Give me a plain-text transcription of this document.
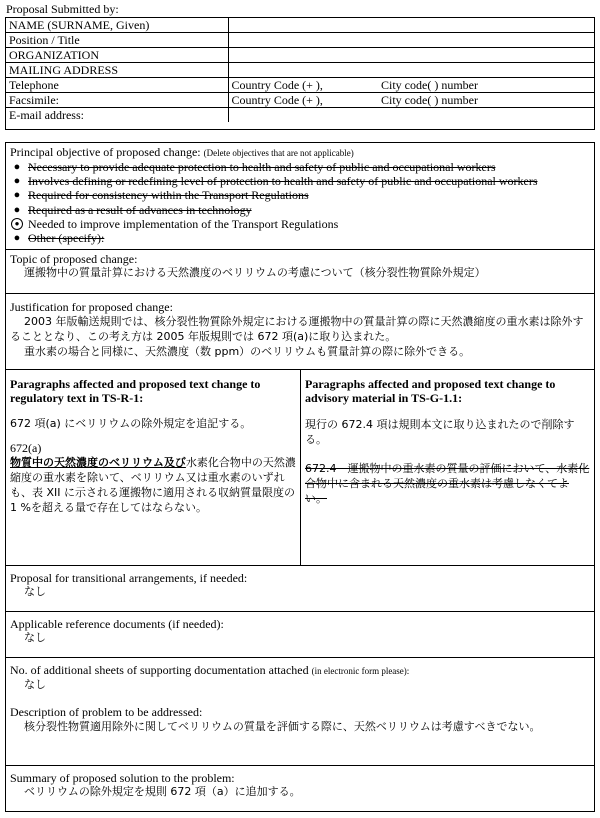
Proposal Submitted by:
NAME (SURNAME, Given)		
Position / Title		
ORGANIZATION		
MAILING ADDRESS		
Telephone	Country Code (+ ),	City code( ) number
Facsimile:	Country Code (+ ),	City code( ) number
E-mail address:		
Principal objective of proposed change: (Delete objectives that are not applicable)
● Necessary to provide adequate protection to health and safety of public and occupational workers
● Involves defining or redefining level of protection to health and safety of public and occupational workers
● Required for consistency within the Transport Regulations
● Required as a result of advances in technology
● Needed to improve implementation of the Transport Regulations
● Other (specify):
Topic of proposed change:
運搬物中の質量計算における天然濃度のベリリウムの考慮について（核分裂性物質除外規定）
Justification for proposed change:

2003 年版輸送規則では、核分裂性物質除外規定における運搬物中の質量計算の際に天然濃縮度の重水素は除外することとなり、この考え方は 2005 年版規則では 672 項(a)に取り込まれた。

重水素の場合と同様に、天然濃度（数 ppm）のベリリウムも質量計算の際に除外できる。

Paragraphs affected and proposed text change to regulatory text in TS-R-1:

672 項(a) にベリリウムの除外規定を追記する。

672(a)

物質中の天然濃度のベリリウム及び水素化合物中の天然濃縮度の重水素を除いて、ベリリウム又は重水素のいずれも、表 XII に示される運搬物に適用される収納質量限度の 1 %を超える量で存在してはならない。

Paragraphs affected and proposed text change to advisory material in TS-G-1.1:

現行の 672.4 項は規則本文に取り込まれたので削除する。

672.4　運搬物中の重水素の質量の評価において、水素化合物中に含まれる天然濃度の重水素は考慮しなくてよい。

Proposal for transitional arrangements, if needed:
なし
Applicable reference documents (if needed):
なし
No. of additional sheets of supporting documentation attached (in electronic form please):
なし
Description of problem to be addressed:
核分裂性物質適用除外に関してベリリウムの質量を評価する際に、天然ベリリウムは考慮すべきでない。
Summary of proposed solution to the problem:
ベリリウムの除外規定を規則 672 項（a）に追加する。
